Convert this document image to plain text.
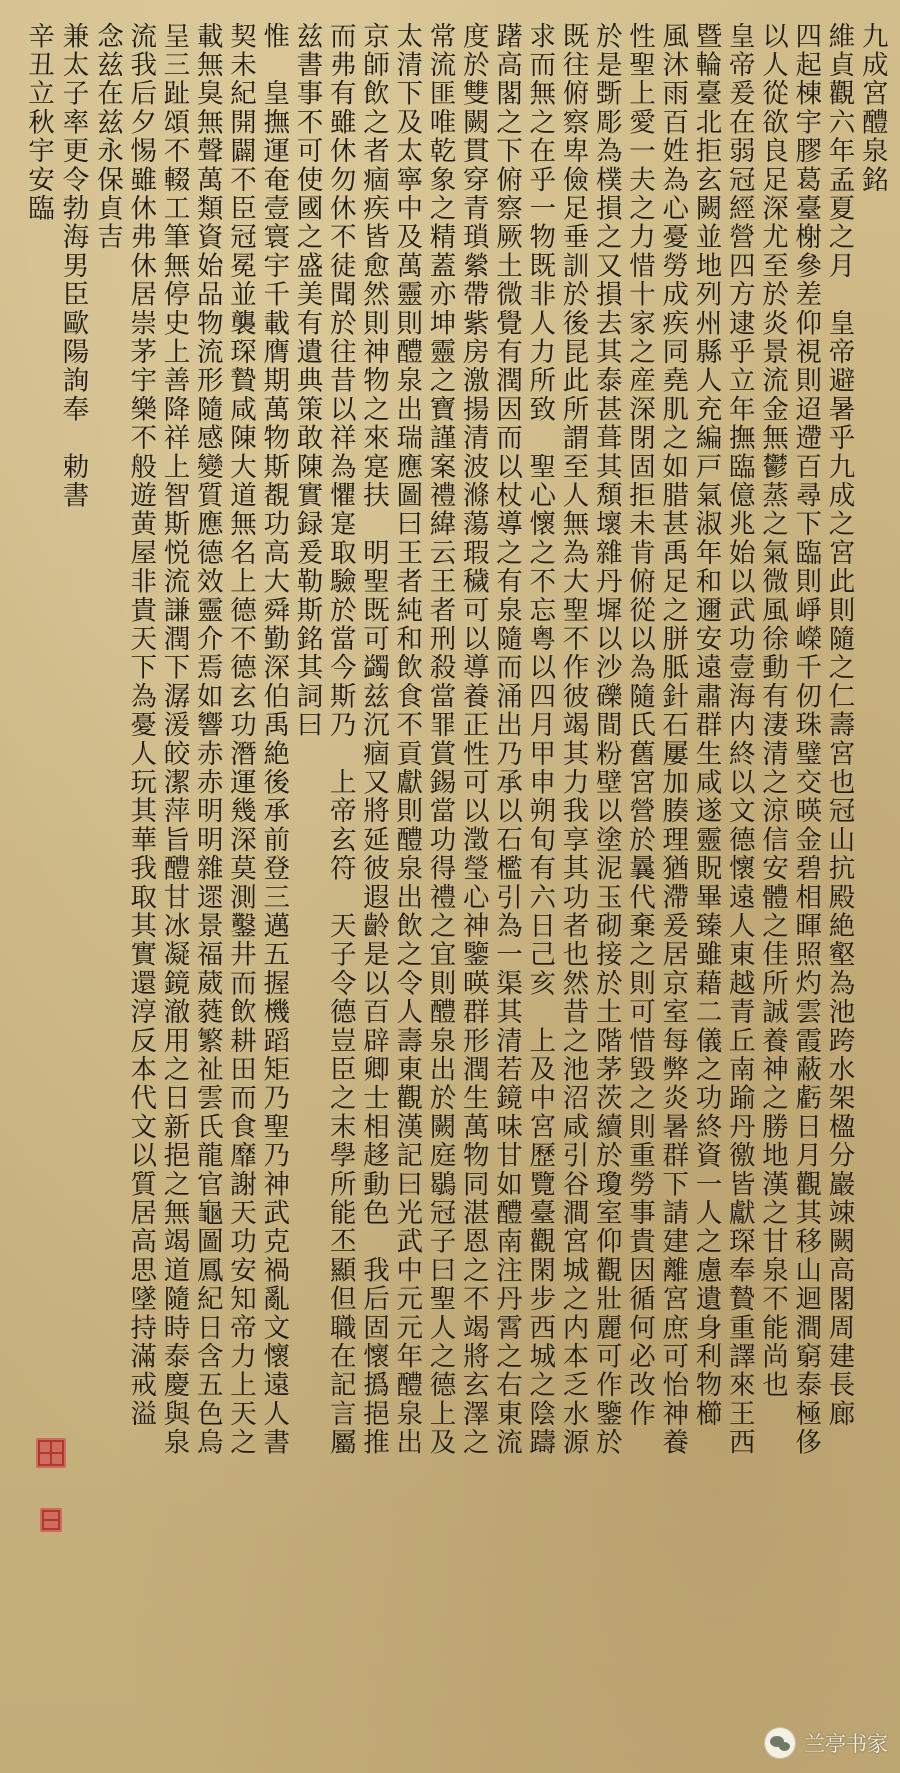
九成宮醴泉銘
維貞觀六年孟夏之月　皇帝避暑乎九成之宮此則隨之仁壽宮也冠山抗殿絶壑為池跨水架楹分巖竦闕高閣周建長廊
四起棟宇膠葛臺榭參差仰視則迢遰百尋下臨則崢嶸千仞珠璧交暎金碧相暉照灼雲霞蔽虧日月觀其移山迴澗窮泰極侈
以人從欲良足深尤至於炎景流金無鬱蒸之氣微風徐動有淒清之涼信安體之佳所誠養神之勝地漢之甘泉不能尚也
皇帝爰在弱冠經營四方逮乎立年撫臨億兆始以武功壹海内終以文德懷遠人東越青丘南踰丹徼皆獻琛奉贄重譯來王西
暨輪臺北拒玄闕並地列州縣人充編戸氣淑年和邇安遠肅群生咸遂靈貺畢臻雖藉二儀之功終資一人之慮遺身利物櫛
風沐雨百姓為心憂勞成疾同堯肌之如腊甚禹足之胼胝針石屢加腠理猶滯爰居京室每弊炎暑群下請建離宮庶可怡神養
性聖上愛一夫之力惜十家之産深閉固拒未肯俯從以為隨氏舊宮營於曩代棄之則可惜毀之則重勞事貴因循何必改作
於是斲彫為樸損之又損去其泰甚葺其頽壞雜丹墀以沙礫間粉壁以塗泥玉砌接於土階茅茨續於瓊室仰觀壯麗可作鑒於
既往俯察卑儉足垂訓於後昆此所謂至人無為大聖不作彼竭其力我享其功者也然昔之池沼咸引谷澗宮城之内本乏水源
求而無之在乎一物既非人力所致　聖心懷之不忘粤以四月甲申朔旬有六日己亥　上及中宮歷覽臺觀閑步西城之陰躊
躇高閣之下俯察厥土微覺有潤因而以杖導之有泉隨而涌出乃承以石檻引為一渠其清若鏡味甘如醴南注丹霄之右東流
度於雙闕貫穿青瑣縈帶紫房激揚清波滌蕩瑕穢可以導養正性可以澂瑩心神鑒暎群形潤生萬物同湛恩之不竭將玄澤之
常流匪唯乾象之精蓋亦坤靈之寶謹案禮緯云王者刑殺當罪賞錫當功得禮之宜則醴泉出於闕庭鶡冠子曰聖人之德上及
太清下及太寧中及萬靈則醴泉出瑞應圖曰王者純和飲食不貢獻則醴泉出飲之令人壽東觀漢記曰光武中元元年醴泉出
京師飲之者痼疾皆愈然則神物之來寔扶　明聖既可蠲兹沉痼又將延彼遐齡是以百辟卿士相趍動色　我后固懷撝挹推
而弗有雖休勿休不徒聞於往昔以祥為懼寔取驗於當今斯乃　上帝玄符　天子令德豈臣之末學所能丕顯但職在記言屬
兹書事不可使國之盛美有遺典策敢陳實録爰勒斯銘其詞曰
惟　皇撫運奄壹寰宇千載膺期萬物斯覩功高大舜勤深伯禹絶後承前登三邁五握機蹈矩乃聖乃神武克禍亂文懷遠人書
契未紀開闢不臣冠冕並襲琛贄咸陳大道無名上德不德玄功潛運幾深莫測鑿井而飲耕田而食靡謝天功安知帝力上天之
載無臭無聲萬類資始品物流形隨感變質應德效靈介焉如響赤赤明明雜遝景福葳蕤繁祉雲氏龍官龜圖鳳紀日含五色烏
呈三趾頌不輟工筆無停史上善降祥上智斯悦流謙潤下潺湲皎潔萍旨醴甘冰凝鏡澈用之日新挹之無竭道隨時泰慶與泉
流我后夕惕雖休弗休居崇茅宇樂不般遊黄屋非貴天下為憂人玩其華我取其實還淳反本代文以質居高思墜持滿戒溢
念兹在兹永保貞吉
兼太子率更令勃海男臣歐陽詢奉　勅書
辛丑立秋宇安臨
兰亭书家
